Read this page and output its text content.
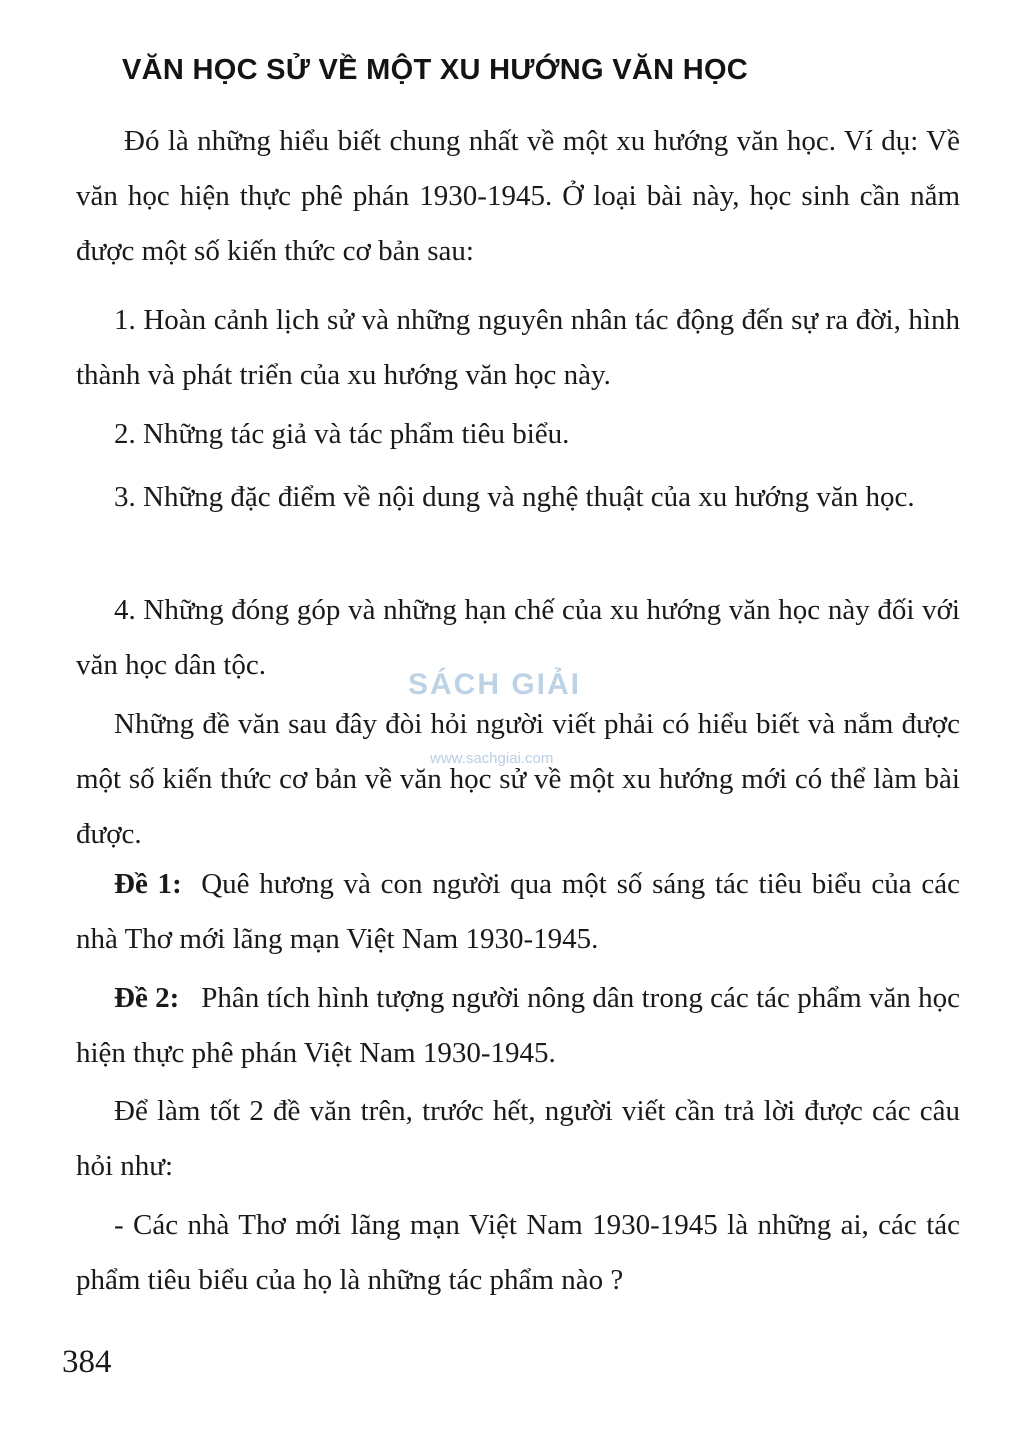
VĂN HỌC SỬ VỀ MỘT XU HƯỚNG VĂN HỌC
Đó là những hiểu biết chung nhất về một xu hướng văn học. Ví dụ: Về văn học hiện thực phê phán 1930-1945. Ở loại bài này, học sinh cần nắm được một số kiến thức cơ bản sau:
1. Hoàn cảnh lịch sử và những nguyên nhân tác động đến sự ra đời, hình thành và phát triển của xu hướng văn học này.
2. Những tác giả và tác phẩm tiêu biểu.
3. Những đặc điểm về nội dung và nghệ thuật của xu hướng văn học.
4. Những đóng góp và những hạn chế của xu hướng văn học này đối với văn học dân tộc.
Những đề văn sau đây đòi hỏi người viết phải có hiểu biết và nắm được một số kiến thức cơ bản về văn học sử về một xu hướng mới có thể làm bài được.
Đề 1: Quê hương và con người qua một số sáng tác tiêu biểu của các nhà Thơ mới lãng mạn Việt Nam 1930-1945.
Đề 2: Phân tích hình tượng người nông dân trong các tác phẩm văn học hiện thực phê phán Việt Nam 1930-1945.
Để làm tốt 2 đề văn trên, trước hết, người viết cần trả lời được các câu hỏi như:
- Các nhà Thơ mới lãng mạn Việt Nam 1930-1945 là những ai, các tác phẩm tiêu biểu của họ là những tác phẩm nào ?
SÁCH GIẢI
www.sachgiai.com
384
